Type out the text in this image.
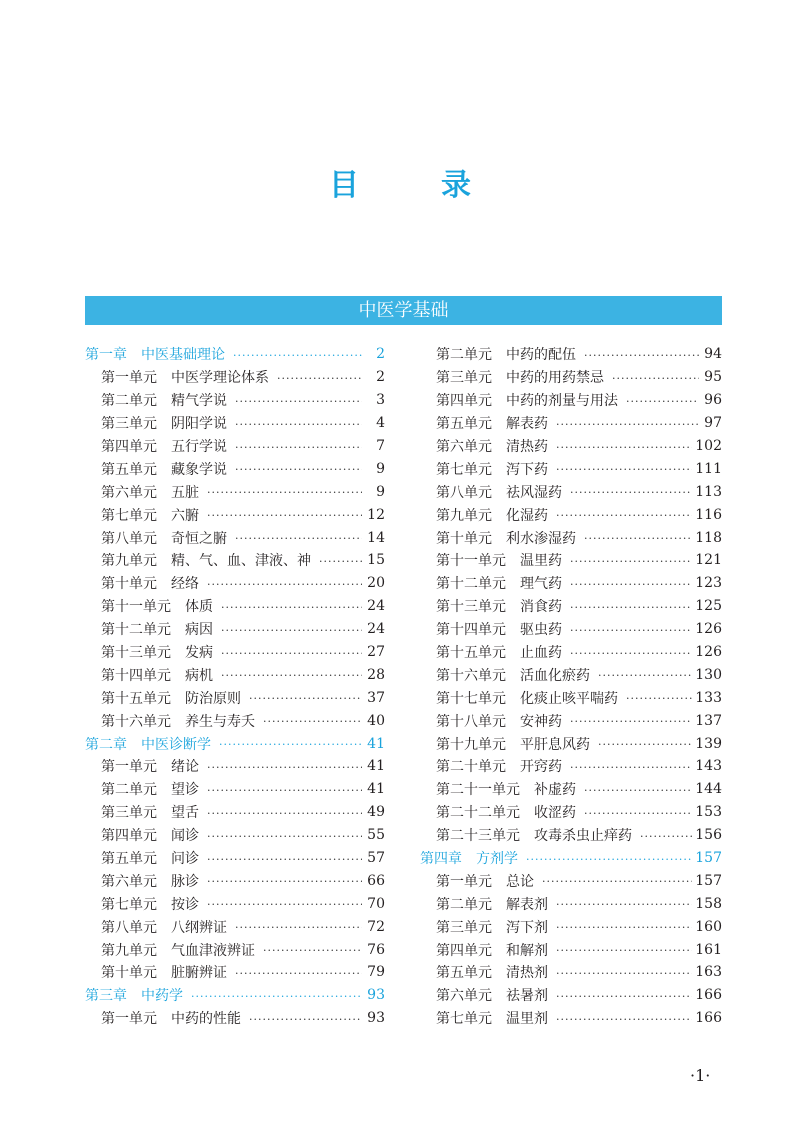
目　录
中医学基础
第一章 中医基础理论 ·····	2
第一单元 中医学理论体系 ·····	2
第二单元 精气学说 ·····	3
第三单元 阴阳学说 ·····	4
第四单元 五行学说 ·····	7
第五单元 藏象学说 ·····	9
第六单元 五脏 ·····	9
第七单元 六腑 ·····	12
第八单元 奇恒之腑 ·····	14
第九单元 精、气、血、津液、神 ·····	15
第十单元 经络 ·····	20
第十一单元 体质 ·····	24
第十二单元 病因 ·····	24
第十三单元 发病 ·····	27
第十四单元 病机 ·····	28
第十五单元 防治原则 ·····	37
第十六单元 养生与寿夭 ·····	40
第二章 中医诊断学 ·····	41
第一单元 绪论 ·····	41
第二单元 望诊 ·····	41
第三单元 望舌 ·····	49
第四单元 闻诊 ·····	55
第五单元 问诊 ·····	57
第六单元 脉诊 ·····	66
第七单元 按诊 ·····	70
第八单元 八纲辨证 ·····	72
第九单元 气血津液辨证 ·····	76
第十单元 脏腑辨证 ·····	79
第三章 中药学 ·····	93
第一单元 中药的性能 ·····	93
第二单元 中药的配伍 ·····	94
第三单元 中药的用药禁忌 ·····	95
第四单元 中药的剂量与用法 ·····	96
第五单元 解表药 ·····	97
第六单元 清热药 ·····	102
第七单元 泻下药 ·····	111
第八单元 祛风湿药 ·····	113
第九单元 化湿药 ·····	116
第十单元 利水渗湿药 ·····	118
第十一单元 温里药 ·····	121
第十二单元 理气药 ·····	123
第十三单元 消食药 ·····	125
第十四单元 驱虫药 ·····	126
第十五单元 止血药 ·····	126
第十六单元 活血化瘀药 ·····	130
第十七单元 化痰止咳平喘药 ·····	133
第十八单元 安神药 ·····	137
第十九单元 平肝息风药 ·····	139
第二十单元 开窍药 ·····	143
第二十一单元 补虚药 ·····	144
第二十二单元 收涩药 ·····	153
第二十三单元 攻毒杀虫止痒药 ·····	156
第四章 方剂学 ·····	157
第一单元 总论 ·····	157
第二单元 解表剂 ·····	158
第三单元 泻下剂 ·····	160
第四单元 和解剂 ·····	161
第五单元 清热剂 ·····	163
第六单元 祛暑剂 ·····	166
第七单元 温里剂 ·····	166
·1·
